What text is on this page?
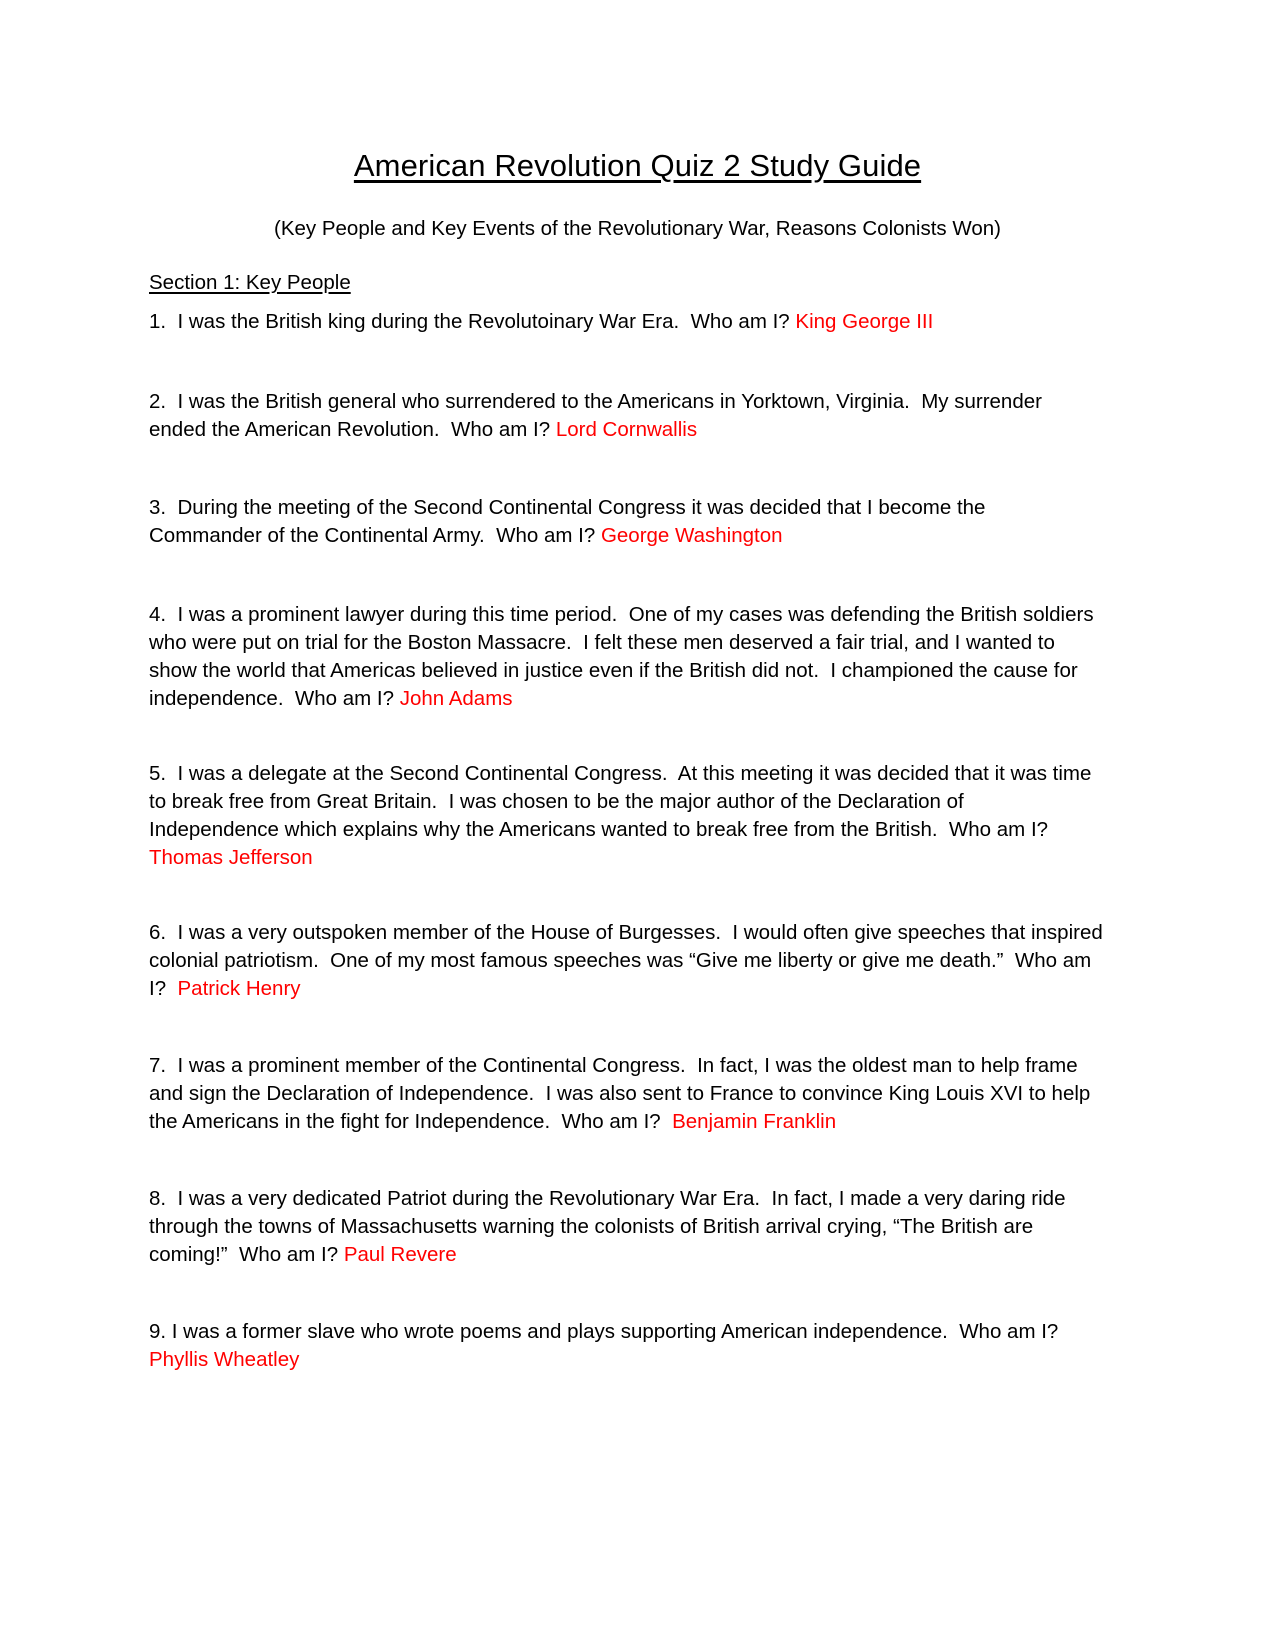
American Revolution Quiz 2 Study Guide
(Key People and Key Events of the Revolutionary War, Reasons Colonists Won)
Section 1: Key People
1.  I was the British king during the Revolutoinary War Era.  Who am I? King George III
2.  I was the British general who surrendered to the Americans in Yorktown, Virginia.  My surrender
ended the American Revolution.  Who am I? Lord Cornwallis
3.  During the meeting of the Second Continental Congress it was decided that I become the
Commander of the Continental Army.  Who am I? George Washington
4.  I was a prominent lawyer during this time period.  One of my cases was defending the British soldiers
who were put on trial for the Boston Massacre.  I felt these men deserved a fair trial, and I wanted to
show the world that Americas believed in justice even if the British did not.  I championed the cause for
independence.  Who am I? John Adams
5.  I was a delegate at the Second Continental Congress.  At this meeting it was decided that it was time
to break free from Great Britain.  I was chosen to be the major author of the Declaration of
Independence which explains why the Americans wanted to break free from the British.  Who am I?
Thomas Jefferson
6.  I was a very outspoken member of the House of Burgesses.  I would often give speeches that inspired
colonial patriotism.  One of my most famous speeches was “Give me liberty or give me death.”  Who am
I?  Patrick Henry
7.  I was a prominent member of the Continental Congress.  In fact, I was the oldest man to help frame
and sign the Declaration of Independence.  I was also sent to France to convince King Louis XVI to help
the Americans in the fight for Independence.  Who am I?  Benjamin Franklin
8.  I was a very dedicated Patriot during the Revolutionary War Era.  In fact, I made a very daring ride
through the towns of Massachusetts warning the colonists of British arrival crying, “The British are
coming!”  Who am I? Paul Revere
9. I was a former slave who wrote poems and plays supporting American independence.  Who am I?
Phyllis Wheatley
